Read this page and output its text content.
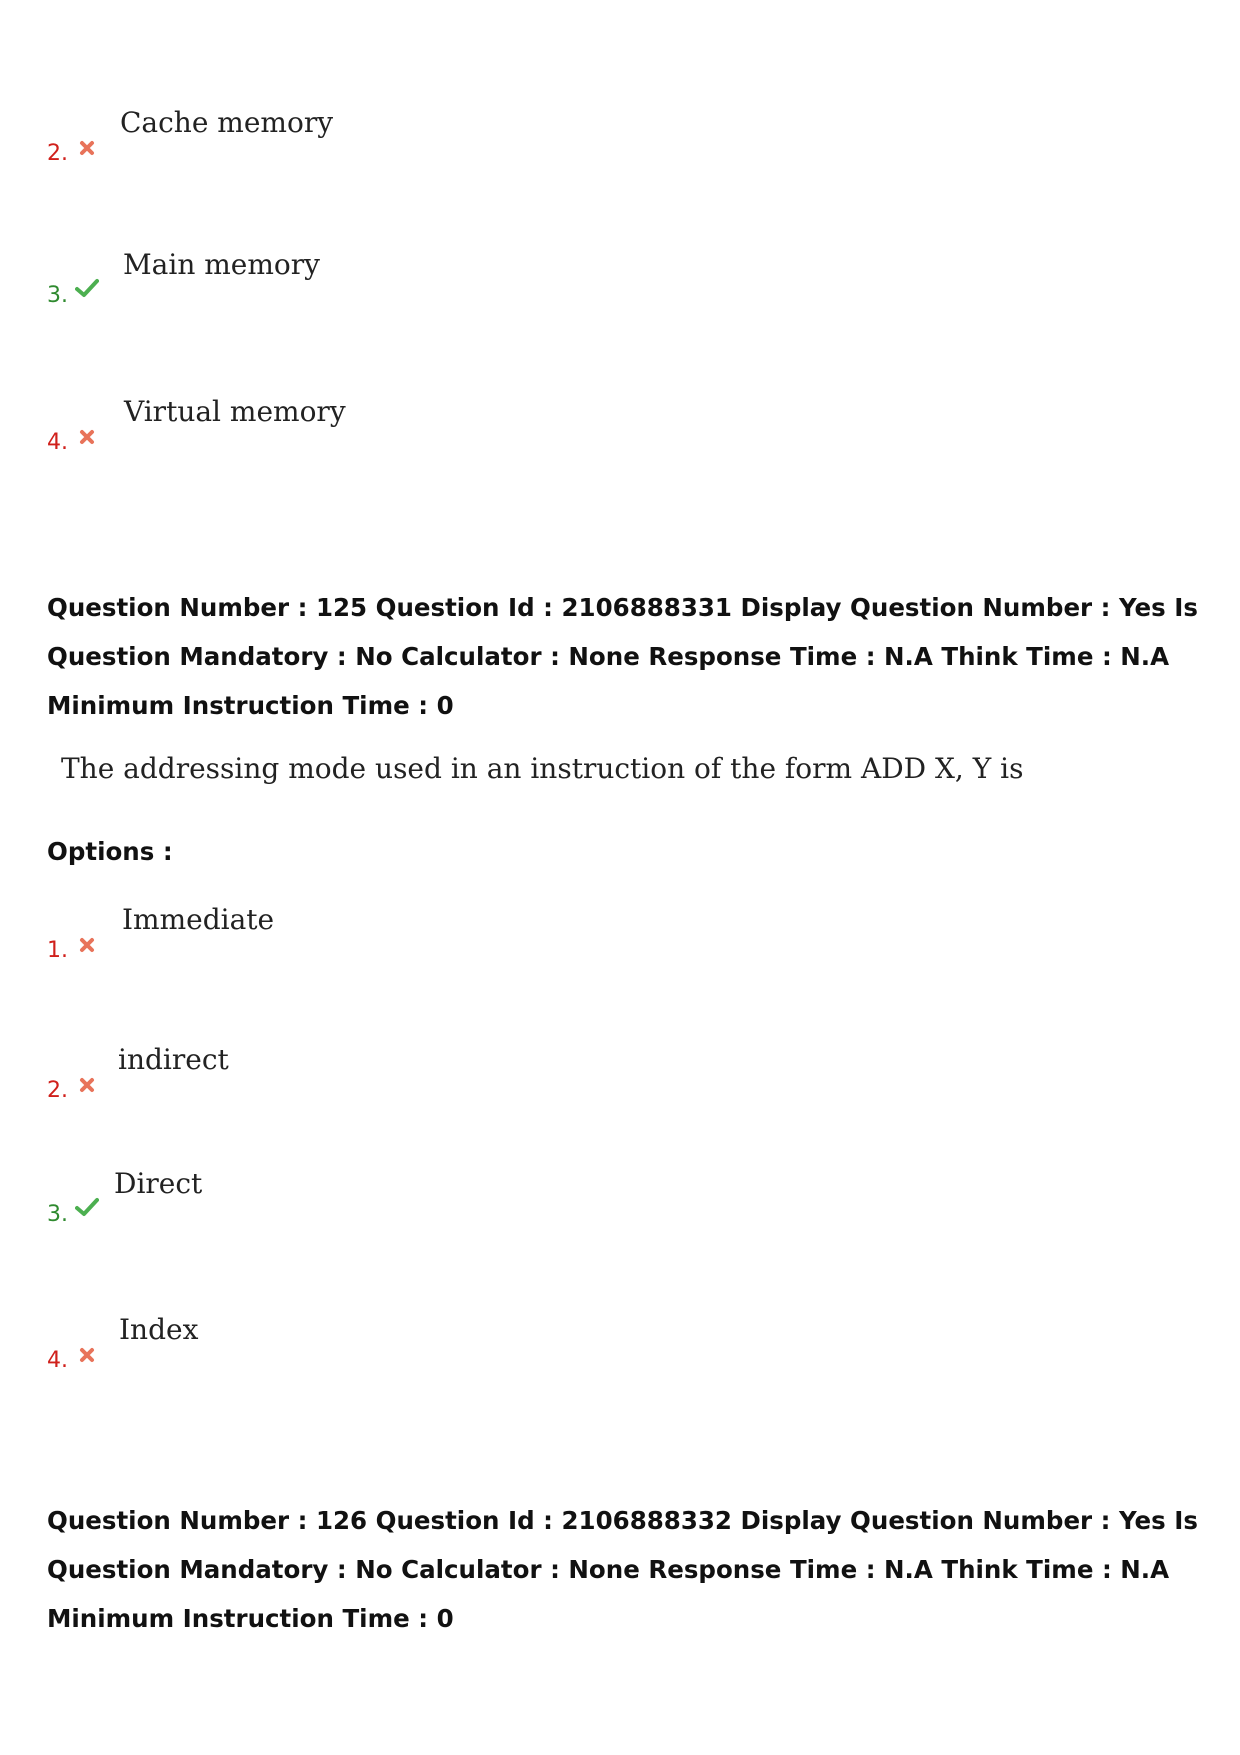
2.
Cache memory
3.
Main memory
4.
Virtual memory
Question Number : 125 Question Id : 2106888331 Display Question Number : Yes Is Question Mandatory : No Calculator : None Response Time : N.A Think Time : N.A Minimum Instruction Time : 0
The addressing mode used in an instruction of the form ADD X, Y is
Options :
1.
Immediate
2.
indirect
3.
Direct
4.
Index
Question Number : 126 Question Id : 2106888332 Display Question Number : Yes Is Question Mandatory : No Calculator : None Response Time : N.A Think Time : N.A Minimum Instruction Time : 0
